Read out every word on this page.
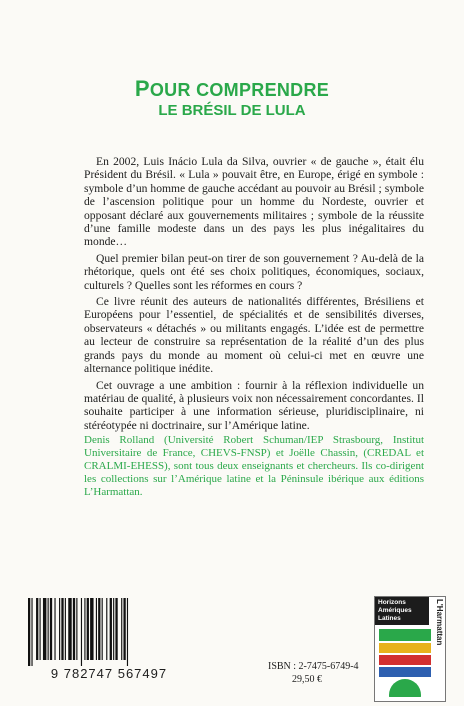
POUR COMPRENDRE
LE BRÉSIL DE LULA

En 2002, Luis Inácio Lula da Silva, ouvrier « de gauche », était élu Président du Brésil. « Lula » pouvait être, en Europe, érigé en symbole : symbole d’un homme de gauche accédant au pouvoir au Brésil ; symbole de l’ascension politique pour un homme du Nordeste, ouvrier et opposant déclaré aux gouvernements militaires ; symbole de la réussite d’une famille modeste dans un des pays les plus inégalitaires du monde…

Quel premier bilan peut-on tirer de son gouvernement ? Au-delà de la rhétorique, quels ont été ses choix politiques, économiques, sociaux, culturels ? Quelles sont les réformes en cours ?

Ce livre réunit des auteurs de nationalités différentes, Brésiliens et Européens pour l’essentiel, de spécialités et de sensibilités diverses, observateurs « détachés » ou militants engagés. L’idée est de permettre au lecteur de construire sa représentation de la réalité d’un des plus grands pays du monde au moment où celui-ci met en œuvre une alternance politique inédite.

Cet ouvrage a une ambition : fournir à la réflexion individuelle un matériau de qualité, à plusieurs voix non nécessairement concordantes. Il souhaite participer à une information sérieuse, pluridisciplinaire, ni stéréotypée ni doctrinaire, sur l’Amérique latine.

Denis Rolland (Université Robert Schuman/IEP Strasbourg, Institut Universitaire de France, CHEVS-FNSP) et Joëlle Chassin, (CREDAL et CRALMI-EHESS), sont tous deux enseignants et chercheurs. Ils co-dirigent les collections sur l’Amérique latine et la Péninsule ibérique aux éditions L’Harmattan.

9 782747 567497	ISBN : 2-7475-6749-4
29,50 €
Horizons
Amériques Latines	L'Harmattan
